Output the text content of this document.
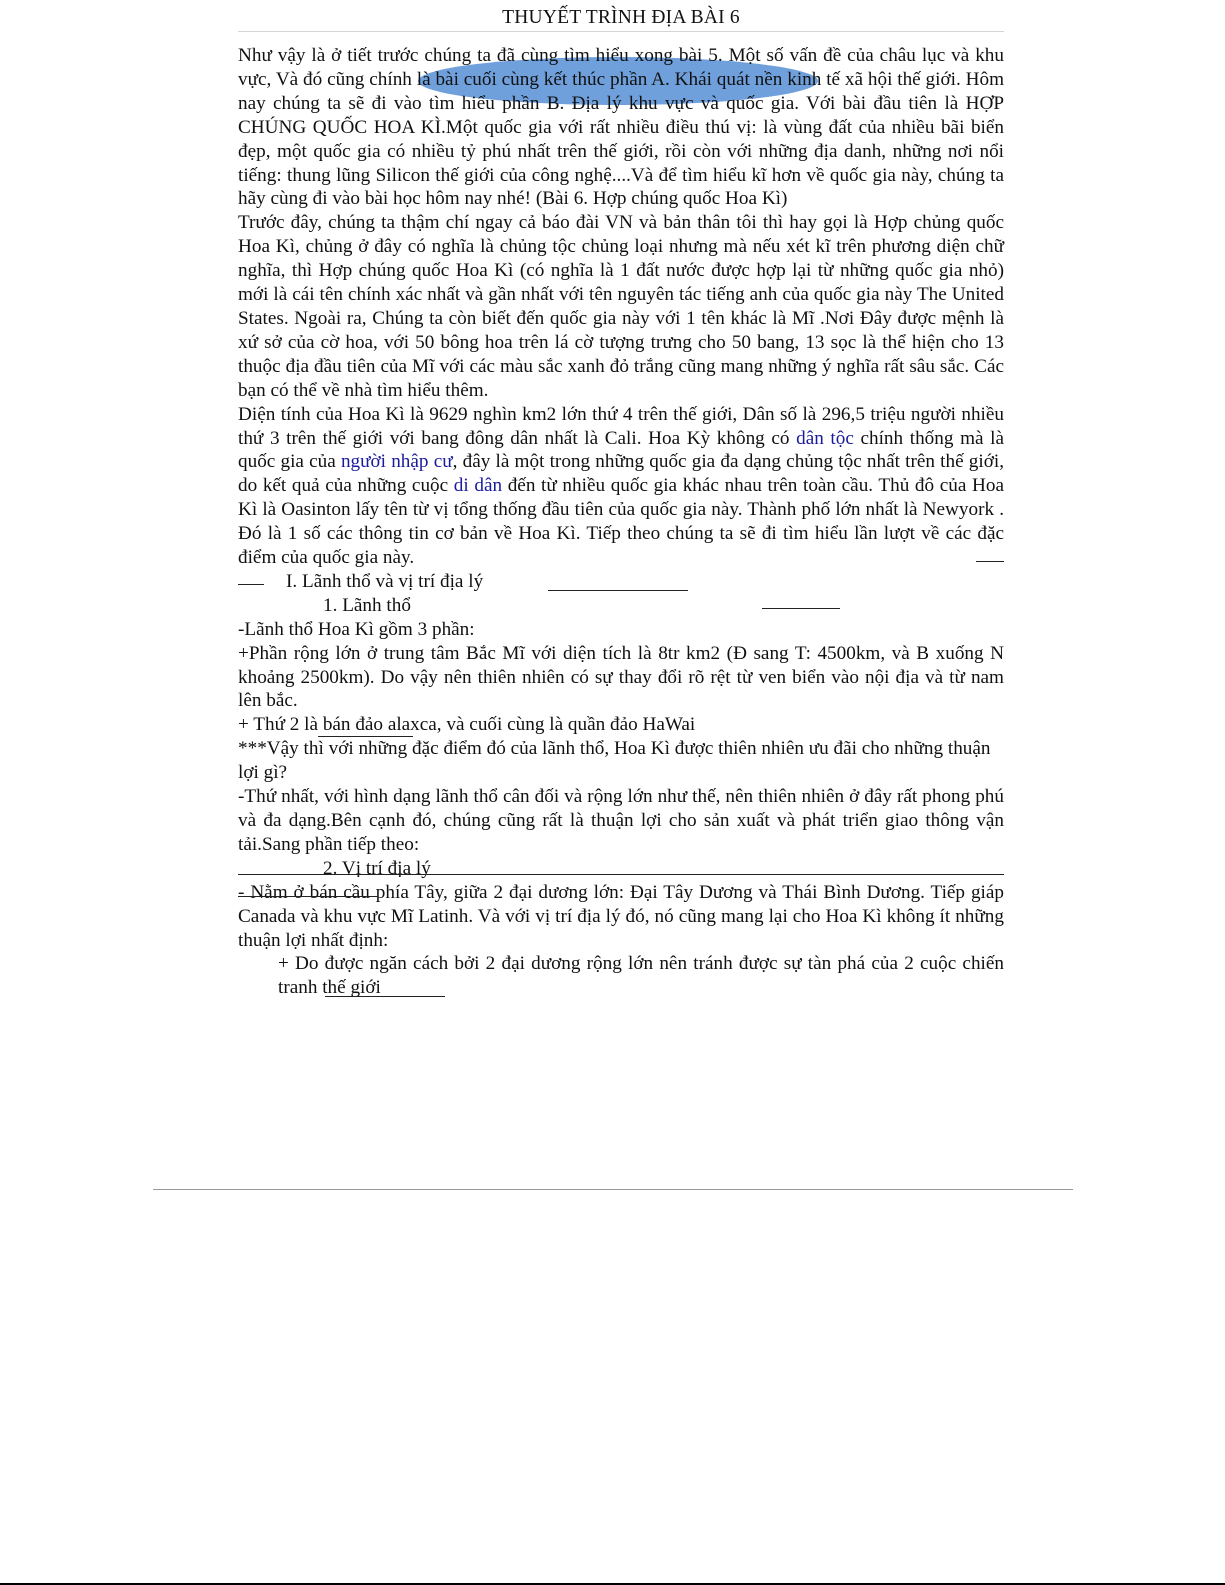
THUYẾT TRÌNH ĐỊA BÀI 6

Như vậy là ở tiết trước chúng ta đã cùng tìm hiểu xong bài 5. Một số vấn đề của châu lục và khu vực, Và đó cũng chính là bài cuối cùng kết thúc phần A. Khái quát nền kinh tế xã hội thế giới. Hôm nay chúng ta sẽ đi vào tìm hiểu phần B. Địa lý khu vực và quốc gia. Với bài đầu tiên là HỢP CHÚNG QUỐC HOA KÌ.Một quốc gia với rất nhiều điều thú vị: là vùng đất của nhiều bãi biển đẹp, một quốc gia có nhiều tỷ phú nhất trên thế giới, rồi còn với những địa danh, những nơi nổi tiếng: thung lũng Silicon thế giới của công nghệ....Và để tìm hiểu kĩ hơn về quốc gia này, chúng ta hãy cùng đi vào bài học hôm nay nhé! (Bài 6. Hợp chúng quốc Hoa Kì)

Trước đây, chúng ta thậm chí ngay cả báo đài VN và bản thân tôi thì hay gọi là Hợp chủng quốc Hoa Kì, chủng ở đây có nghĩa là chủng tộc chủng loại nhưng mà nếu xét kĩ trên phương diện chữ nghĩa, thì Hợp chúng quốc Hoa Kì (có nghĩa là 1 đất nước được hợp lại từ những quốc gia nhỏ) mới là cái tên chính xác nhất và gần nhất với tên nguyên tác tiếng anh của quốc gia này The United States. Ngoài ra, Chúng ta còn biết đến quốc gia này với 1 tên khác là Mĩ .Nơi Đây được mệnh là xứ sở của cờ hoa, với 50 bông hoa trên lá cờ tượng trưng cho 50 bang, 13 sọc là thể hiện cho 13 thuộc địa đầu tiên của Mĩ với các màu sắc xanh đỏ trắng cũng mang những ý nghĩa rất sâu sắc. Các bạn có thể về nhà tìm hiểu thêm.

Diện tính của Hoa Kì là 9629 nghìn km2 lớn thứ 4 trên thế giới, Dân số là 296,5 triệu người nhiều thứ 3 trên thế giới với bang đông dân nhất là Cali. Hoa Kỳ không có dân tộc chính thống mà là quốc gia của người nhập cư, đây là một trong những quốc gia đa dạng chủng tộc nhất trên thế giới, do kết quả của những cuộc di dân đến từ nhiều quốc gia khác nhau trên toàn cầu. Thủ đô của Hoa Kì là Oasinton lấy tên từ vị tổng thống đầu tiên của quốc gia này. Thành phố lớn nhất là Newyork . Đó là 1 số các thông tin cơ bản về Hoa Kì. Tiếp theo chúng ta sẽ đi tìm hiểu lần lượt về các đặc điểm của quốc gia này.

I. Lãnh thổ và vị trí địa lý

1. Lãnh thổ

-Lãnh thổ Hoa Kì gồm 3 phần:

+Phần rộng lớn ở trung tâm Bắc Mĩ với diện tích là 8tr km2 (Đ sang T: 4500km, và B xuống N khoảng 2500km). Do vậy nên thiên nhiên có sự thay đổi rõ rệt từ ven biển vào nội địa và từ nam lên bắc.

+ Thứ 2 là bán đảo alaxca, và cuối cùng là quần đảo HaWai

***Vậy thì với những đặc điểm đó của lãnh thổ, Hoa Kì được thiên nhiên ưu đãi cho những thuận lợi gì?

-Thứ nhất, với hình dạng lãnh thổ cân đối và rộng lớn như thế, nên thiên nhiên ở đây rất phong phú và đa dạng.Bên cạnh đó, chúng cũng rất là thuận lợi cho sản xuất và phát triển giao thông vận tải.Sang phần tiếp theo:

2. Vị trí địa lý

- Nằm ở bán cầu phía Tây, giữa 2 đại dương lớn: Đại Tây Dương và Thái Bình Dương. Tiếp giáp Canada và khu vực Mĩ Latinh. Và với vị trí địa lý đó, nó cũng mang lại cho Hoa Kì không ít những thuận lợi nhất định:

+ Do được ngăn cách bởi 2 đại dương rộng lớn nên tránh được sự tàn phá của 2 cuộc chiến tranh thế giới
